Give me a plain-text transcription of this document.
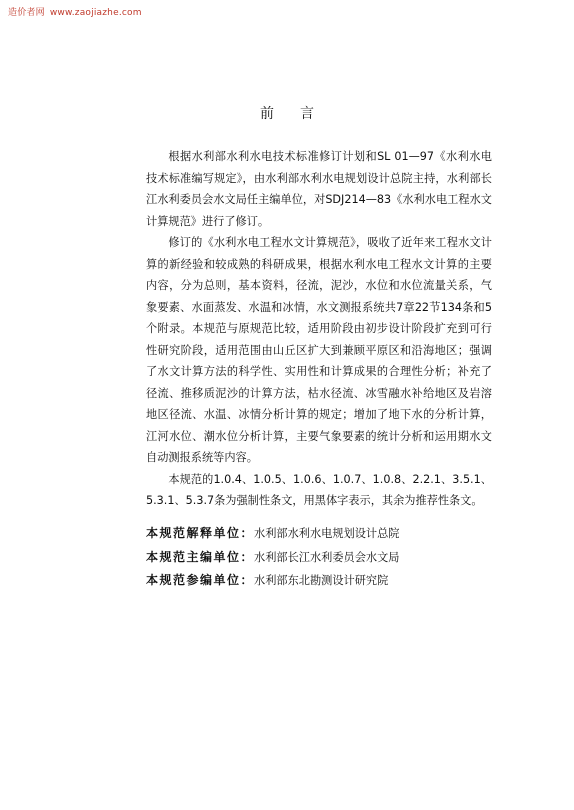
造价者网 www.zaojiazhe.com
前言

根据水利部水利水电技术标准修订计划和SL 01—97《水利水电技术标准编写规定》，由水利部水利水电规划设计总院主持，水利部长江水利委员会水文局任主编单位，对SDJ214—83《水利水电工程水文计算规范》进行了修订。

修订的《水利水电工程水文计算规范》，吸收了近年来工程水文计算的新经验和较成熟的科研成果，根据水利水电工程水文计算的主要内容，分为总则，基本资料，径流，泥沙，水位和水位流量关系，气象要素、水面蒸发、水温和冰情，水文测报系统共7章22节134条和5个附录。本规范与原规范比较，适用阶段由初步设计阶段扩充到可行性研究阶段，适用范围由山丘区扩大到兼顾平原区和沿海地区；强调了水文计算方法的科学性、实用性和计算成果的合理性分析；补充了径流、推移质泥沙的计算方法，枯水径流、冰雪融水补给地区及岩溶地区径流、水温、冰情分析计算的规定；增加了地下水的分析计算，江河水位、潮水位分析计算，主要气象要素的统计分析和运用期水文自动测报系统等内容。

本规范的1.0.4、1.0.5、1.0.6、1.0.7、1.0.8、2.2.1、3.5.1、5.3.1、5.3.7条为强制性条文，用黑体字表示，其余为推荐性条文。

本规范解释单位：水利部水利水电规划设计总院
本规范主编单位：水利部长江水利委员会水文局
本规范参编单位：水利部东北勘测设计研究院
